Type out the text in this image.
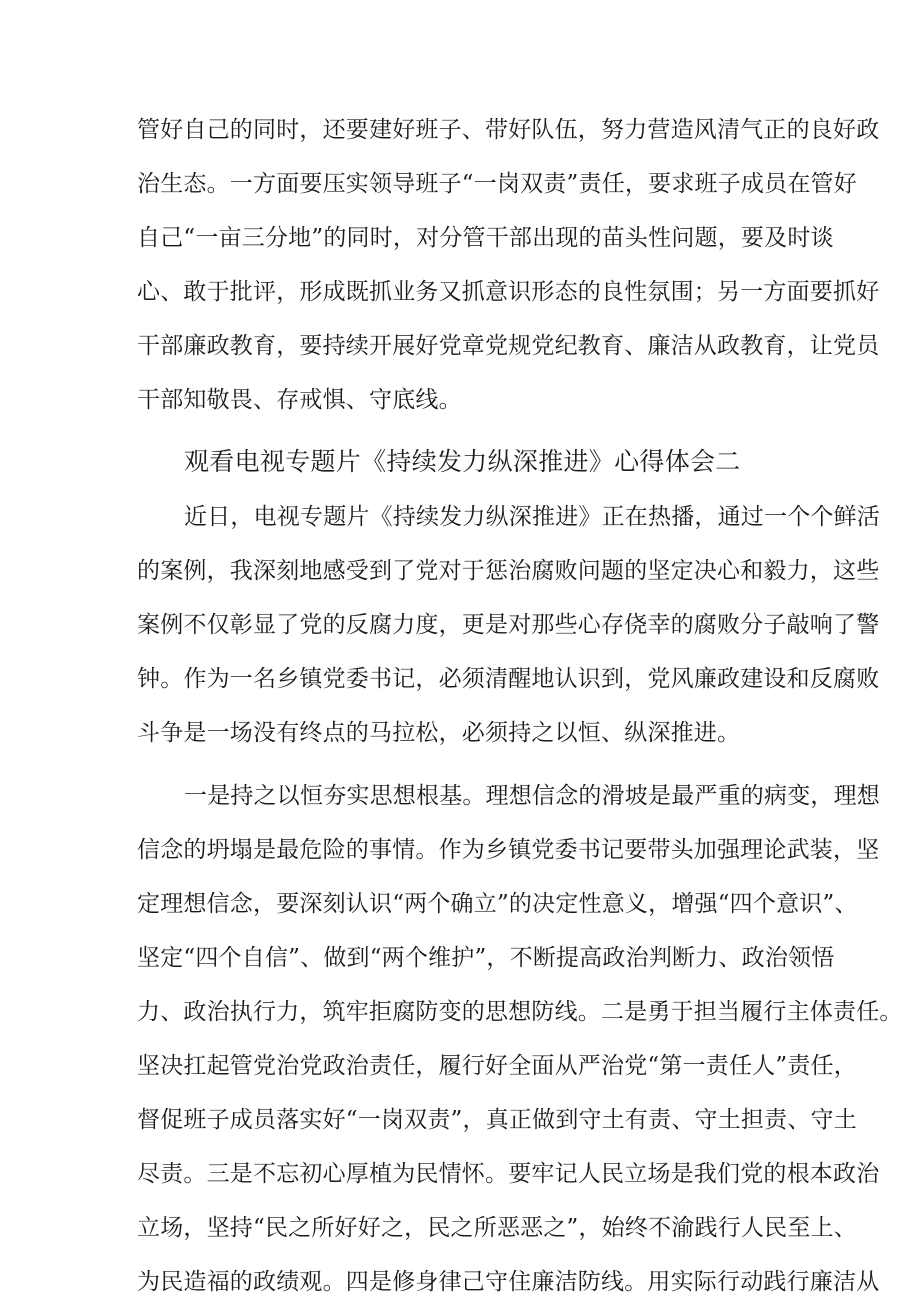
管好自己的同时，还要建好班子、带好队伍，努力营造风清气正的良好政
治生态。一方面要压实领导班子“一岗双责”责任，要求班子成员在管好
自己“一亩三分地”的同时，对分管干部出现的苗头性问题，要及时谈
心、敢于批评，形成既抓业务又抓意识形态的良性氛围；另一方面要抓好
干部廉政教育，要持续开展好党章党规党纪教育、廉洁从政教育，让党员
干部知敬畏、存戒惧、守底线。
观看电视专题片《持续发力纵深推进》心得体会二
近日，电视专题片《持续发力纵深推进》正在热播，通过一个个鲜活
的案例，我深刻地感受到了党对于惩治腐败问题的坚定决心和毅力，这些
案例不仅彰显了党的反腐力度，更是对那些心存侥幸的腐败分子敲响了警
钟。作为一名乡镇党委书记，必须清醒地认识到，党风廉政建设和反腐败
斗争是一场没有终点的马拉松，必须持之以恒、纵深推进。
一是持之以恒夯实思想根基。理想信念的滑坡是最严重的病变，理想
信念的坍塌是最危险的事情。作为乡镇党委书记要带头加强理论武装，坚
定理想信念，要深刻认识“两个确立”的决定性意义，增强“四个意识”、
坚定“四个自信”、做到“两个维护”，不断提高政治判断力、政治领悟
力、政治执行力，筑牢拒腐防变的思想防线。二是勇于担当履行主体责任。
坚决扛起管党治党政治责任，履行好全面从严治党“第一责任人”责任，
督促班子成员落实好“一岗双责”，真正做到守土有责、守土担责、守土
尽责。三是不忘初心厚植为民情怀。要牢记人民立场是我们党的根本政治
立场，坚持“民之所好好之，民之所恶恶之”，始终不渝践行人民至上、
为民造福的政绩观。四是修身律己守住廉洁防线。用实际行动践行廉洁从
